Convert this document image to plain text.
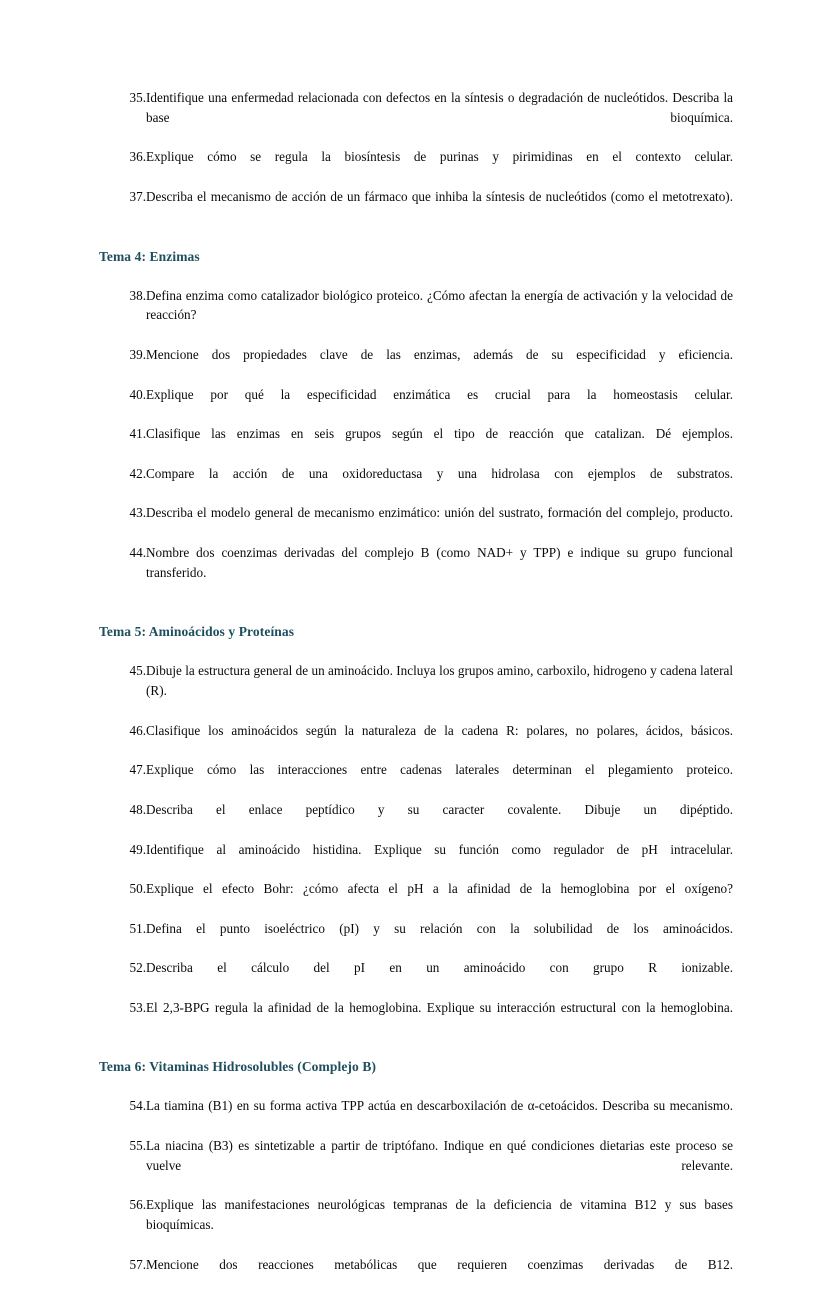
35. Identifique una enfermedad relacionada con defectos en la síntesis o degradación de nucleótidos. Describa la base bioquímica.
36. Explique cómo se regula la biosíntesis de purinas y pirimidinas en el contexto celular.
37. Describa el mecanismo de acción de un fármaco que inhiba la síntesis de nucleótidos (como el metotrexato).
Tema 4: Enzimas
38. Defina enzima como catalizador biológico proteico. ¿Cómo afectan la energía de activación y la velocidad de reacción?
39. Mencione dos propiedades clave de las enzimas, además de su especificidad y eficiencia.
40. Explique por qué la especificidad enzimática es crucial para la homeostasis celular.
41. Clasifique las enzimas en seis grupos según el tipo de reacción que catalizan. Dé ejemplos.
42. Compare la acción de una oxidoreductasa y una hidrolasa con ejemplos de substratos.
43. Describa el modelo general de mecanismo enzimático: unión del sustrato, formación del complejo, producto.
44. Nombre dos coenzimas derivadas del complejo B (como NAD+ y TPP) e indique su grupo funcional transferido.
Tema 5: Aminoácidos y Proteínas
45. Dibuje la estructura general de un aminoácido. Incluya los grupos amino, carboxilo, hidrogeno y cadena lateral (R).
46. Clasifique los aminoácidos según la naturaleza de la cadena R: polares, no polares, ácidos, básicos.
47. Explique cómo las interacciones entre cadenas laterales determinan el plegamiento proteico.
48. Describa el enlace peptídico y su caracter covalente. Dibuje un dipéptido.
49. Identifique al aminoácido histidina. Explique su función como regulador de pH intracelular.
50. Explique el efecto Bohr: ¿cómo afecta el pH a la afinidad de la hemoglobina por el oxígeno?
51. Defina el punto isoeléctrico (pI) y su relación con la solubilidad de los aminoácidos.
52. Describa el cálculo del pI en un aminoácido con grupo R ionizable.
53. El 2,3-BPG regula la afinidad de la hemoglobina. Explique su interacción estructural con la hemoglobina.
Tema 6: Vitaminas Hidrosolubles (Complejo B)
54. La tiamina (B1) en su forma activa TPP actúa en descarboxilación de α-cetoácidos. Describa su mecanismo.
55. La niacina (B3) es sintetizable a partir de triptófano. Indique en qué condiciones dietarias este proceso se vuelve relevante.
56. Explique las manifestaciones neurológicas tempranas de la deficiencia de vitamina B12 y sus bases bioquímicas.
57. Mencione dos reacciones metabólicas que requieren coenzimas derivadas de B12.
